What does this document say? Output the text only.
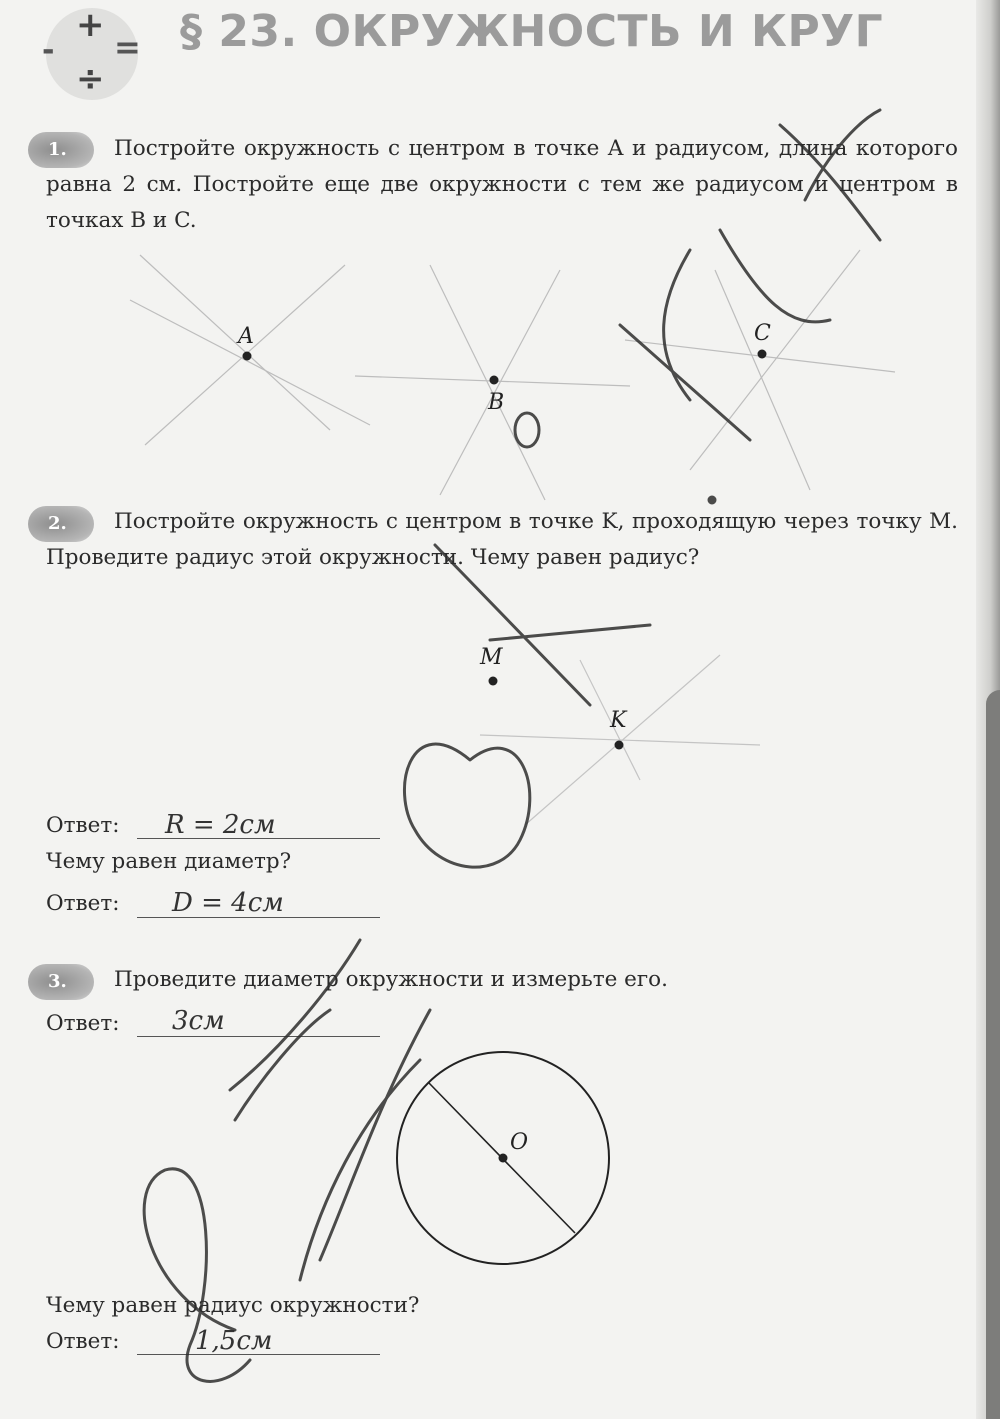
-
+
=
÷
§ 23. ОКРУЖНОСТЬ И КРУГ
1.	Постройте окружность с центром в точке A и радиусом, длина которого равна 2 см. Постройте еще две окружности с тем же радиусом и центром в точках B и C.

2.	Постройте окружность с центром в точке K, проходящую через точку M. Проведите радиус этой окружности. Чему равен радиус?

Ответ: R = 2см
Чему равен диаметр?
Ответ: D = 4см
3.	Проведите диаметр окружности и измерьте его.

Ответ: 3см
Чему равен радиус окружности?
Ответ:	1,5см
A
B
C
M
K
O
